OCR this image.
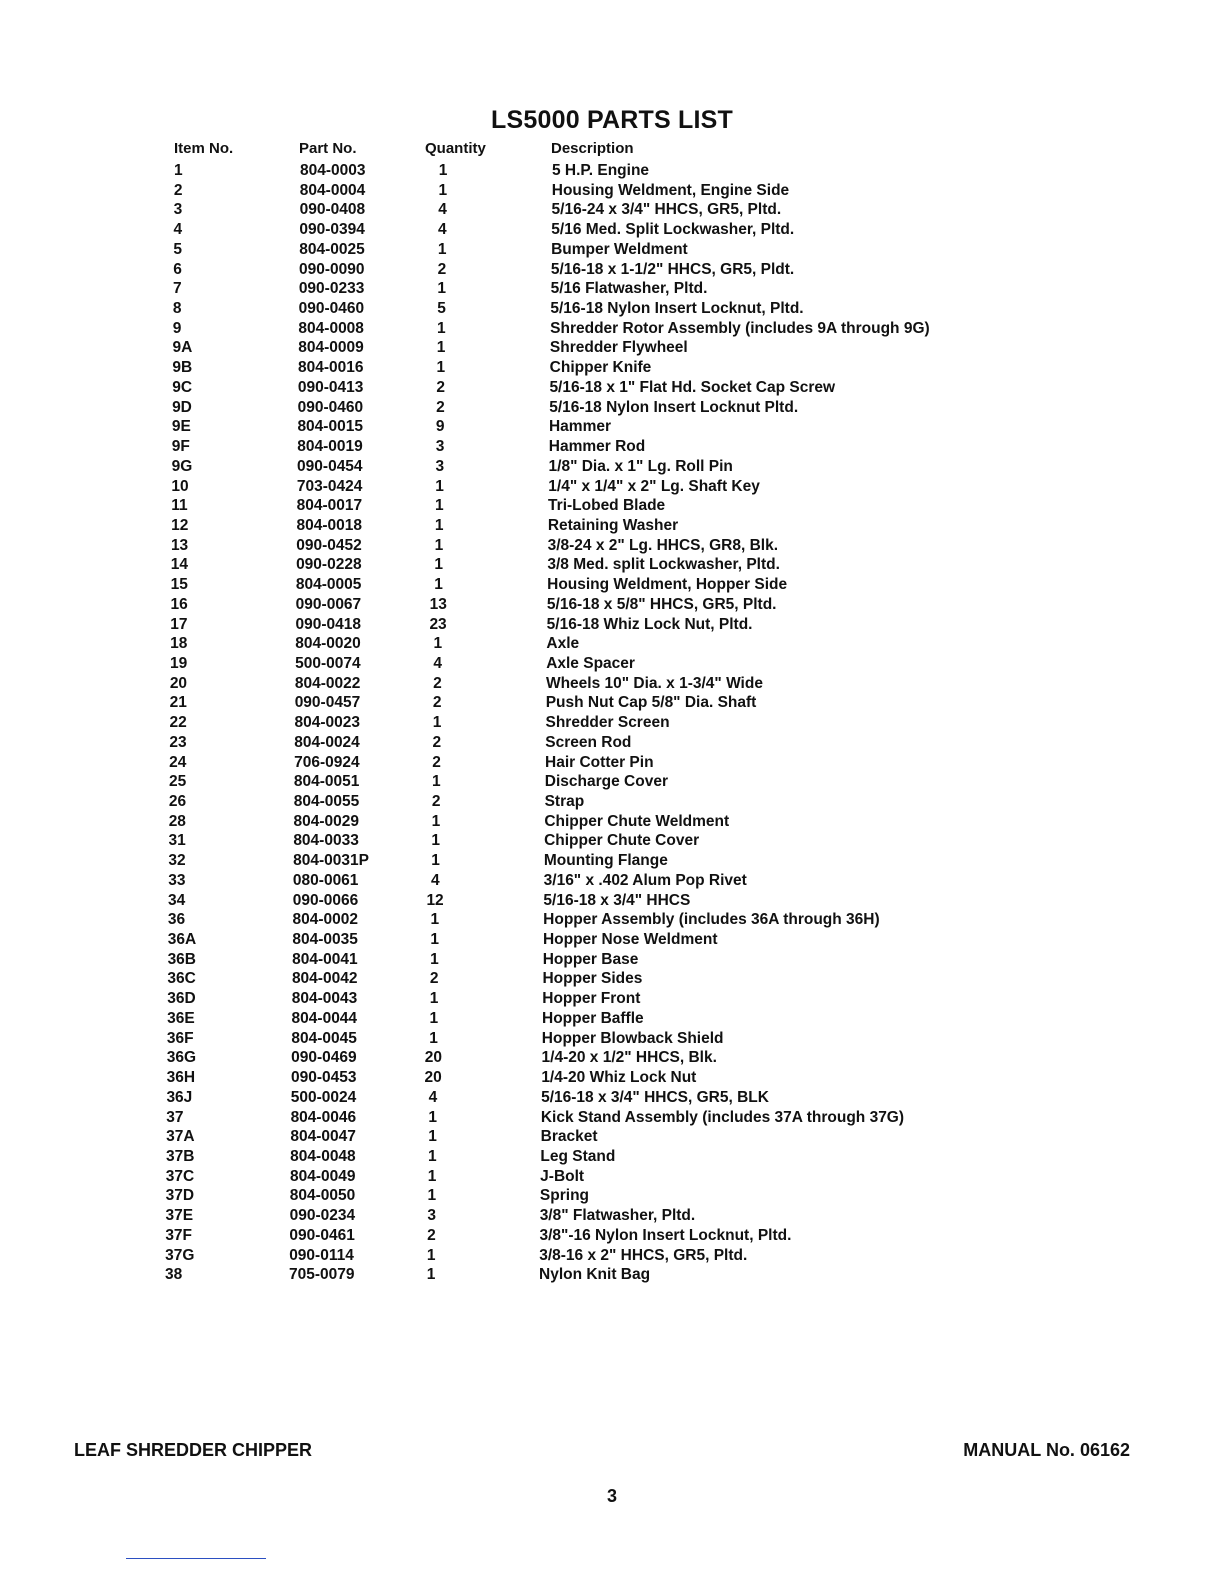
LS5000 PARTS LIST
Item No.	Part No.	Quantity	Description
1	804-0003	1	5 H.P. Engine
2	804-0004	1	Housing Weldment, Engine Side
3	090-0408	4	5/16-24 x 3/4" HHCS, GR5, Pltd.
4	090-0394	4	5/16 Med. Split Lockwasher, Pltd.
5	804-0025	1	Bumper Weldment
6	090-0090	2	5/16-18 x 1-1/2" HHCS, GR5, Pldt.
7	090-0233	1	5/16 Flatwasher, Pltd.
8	090-0460	5	5/16-18 Nylon Insert Locknut, Pltd.
9	804-0008	1	Shredder Rotor Assembly (includes 9A through 9G)
9A	804-0009	1	Shredder Flywheel
9B	804-0016	1	Chipper Knife
9C	090-0413	2	5/16-18 x 1" Flat Hd. Socket Cap Screw
9D	090-0460	2	5/16-18 Nylon Insert Locknut Pltd.
9E	804-0015	9	Hammer
9F	804-0019	3	Hammer Rod
9G	090-0454	3	1/8" Dia. x 1" Lg. Roll Pin
10	703-0424	1	1/4" x 1/4" x 2" Lg. Shaft Key
11	804-0017	1	Tri-Lobed Blade
12	804-0018	1	Retaining Washer
13	090-0452	1	3/8-24 x 2" Lg. HHCS, GR8, Blk.
14	090-0228	1	3/8 Med. split Lockwasher, Pltd.
15	804-0005	1	Housing Weldment, Hopper Side
16	090-0067	13	5/16-18 x 5/8" HHCS, GR5, Pltd.
17	090-0418	23	5/16-18 Whiz Lock Nut, Pltd.
18	804-0020	1	Axle
19	500-0074	4	Axle Spacer
20	804-0022	2	Wheels 10" Dia. x 1-3/4" Wide
21	090-0457	2	Push Nut Cap 5/8" Dia. Shaft
22	804-0023	1	Shredder Screen
23	804-0024	2	Screen Rod
24	706-0924	2	Hair Cotter Pin
25	804-0051	1	Discharge Cover
26	804-0055	2	Strap
28	804-0029	1	Chipper Chute Weldment
31	804-0033	1	Chipper Chute Cover
32	804-0031P	1	Mounting Flange
33	080-0061	4	3/16" x .402 Alum Pop Rivet
34	090-0066	12	5/16-18 x 3/4" HHCS
36	804-0002	1	Hopper Assembly (includes 36A through 36H)
36A	804-0035	1	Hopper Nose Weldment
36B	804-0041	1	Hopper Base
36C	804-0042	2	Hopper Sides
36D	804-0043	1	Hopper Front
36E	804-0044	1	Hopper Baffle
36F	804-0045	1	Hopper Blowback Shield
36G	090-0469	20	1/4-20 x 1/2" HHCS, Blk.
36H	090-0453	20	1/4-20 Whiz Lock Nut
36J	500-0024	4	5/16-18 x 3/4" HHCS, GR5, BLK
37	804-0046	1	Kick Stand Assembly (includes 37A through 37G)
37A	804-0047	1	Bracket
37B	804-0048	1	Leg Stand
37C	804-0049	1	J-Bolt
37D	804-0050	1	Spring
37E	090-0234	3	3/8" Flatwasher, Pltd.
37F	090-0461	2	3/8"-16 Nylon Insert Locknut, Pltd.
37G	090-0114	1	3/8-16 x 2" HHCS, GR5, Pltd.
38	705-0079	1	Nylon Knit Bag
LEAF SHREDDER CHIPPER	MANUAL No. 06162
3
